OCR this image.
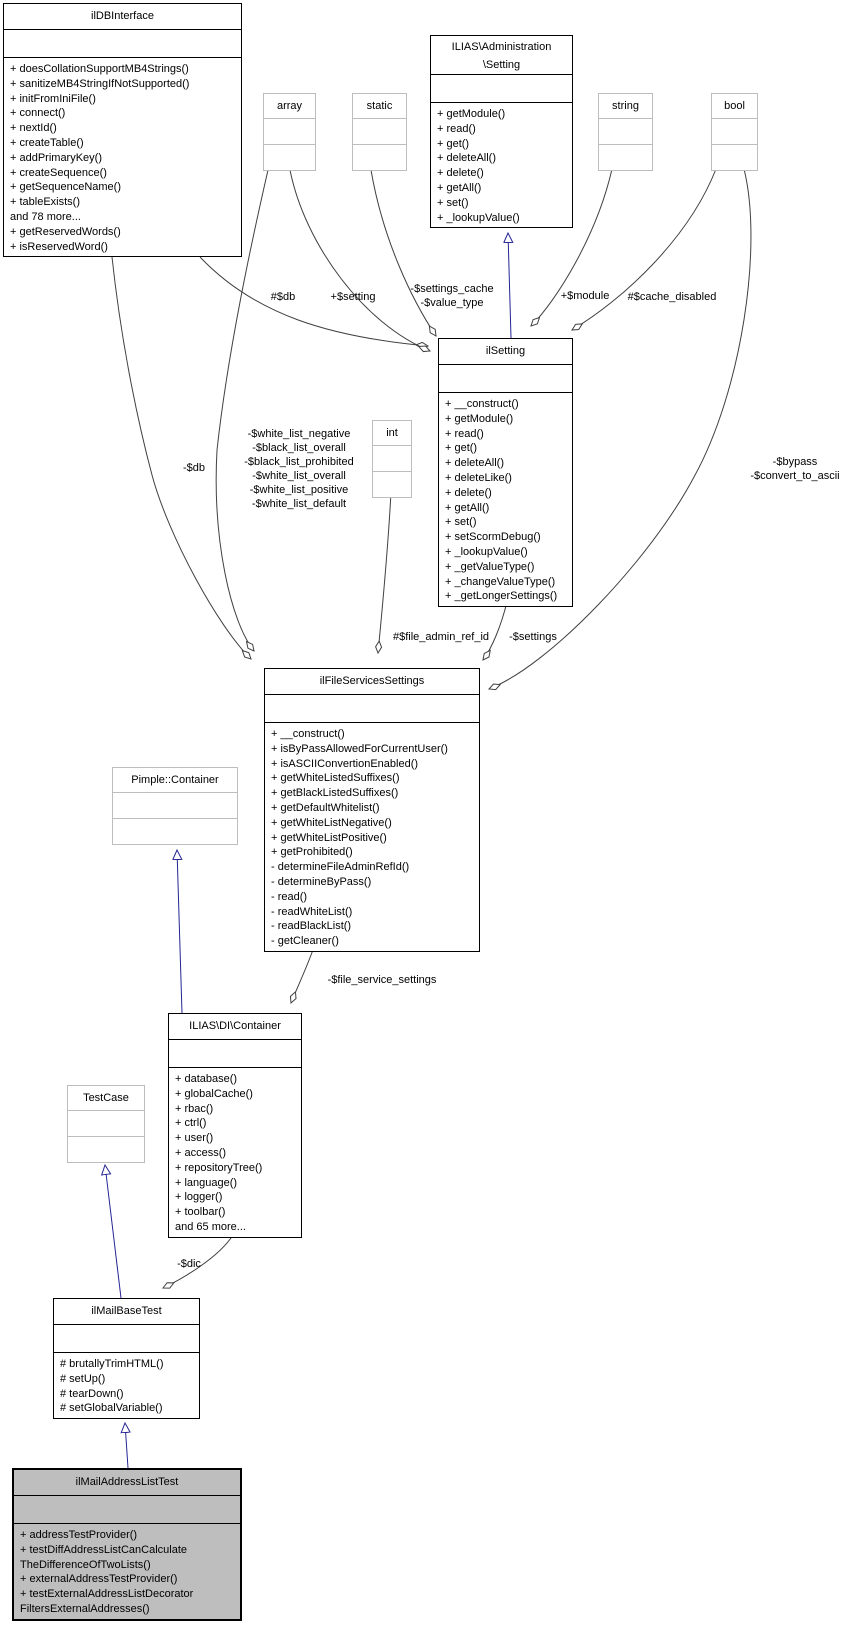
ilDBInterface
+ doesCollationSupportMB4Strings()
+ sanitizeMB4StringIfNotSupported()
+ initFromIniFile()
+ connect()
+ nextId()
+ createTable()
+ addPrimaryKey()
+ createSequence()
+ getSequenceName()
+ tableExists()
and 78 more...
+ getReservedWords()
+ isReservedWord()
array	static
ILIAS\Administration
\Setting
+ getModule()
+ read()
+ get()
+ deleteAll()
+ delete()
+ getAll()
+ set()
+ _lookupValue()
string	bool
ilSetting
+ __construct()
+ getModule()
+ read()
+ get()
+ deleteAll()
+ deleteLike()
+ delete()
+ getAll()
+ set()
+ setScormDebug()
+ _lookupValue()
+ _getValueType()
+ _changeValueType()
+ _getLongerSettings()
int
ilFileServicesSettings
+ __construct()
+ isByPassAllowedForCurrentUser()
+ isASCIIConvertionEnabled()
+ getWhiteListedSuffixes()
+ getBlackListedSuffixes()
+ getDefaultWhitelist()
+ getWhiteListNegative()
+ getWhiteListPositive()
+ getProhibited()
- determineFileAdminRefId()
- determineByPass()
- read()
- readWhiteList()
- readBlackList()
- getCleaner()
Pimple::Container
ILIAS\DI\Container
+ database()
+ globalCache()
+ rbac()
+ ctrl()
+ user()
+ access()
+ repositoryTree()
+ language()
+ logger()
+ toolbar()
and 65 more...
TestCase
ilMailBaseTest
# brutallyTrimHTML()
# setUp()
# tearDown()
# setGlobalVariable()
ilMailAddressListTest
+ addressTestProvider()
+ testDiffAddressListCanCalculate
TheDifferenceOfTwoLists()
+ externalAddressTestProvider()
+ testExternalAddressListDecorator
FiltersExternalAddresses()
#$db	+$setting
-$settings_cache
-$value_type
+$module #$cache_disabled
-$db
-$white_list_negative
-$black_list_overall
-$black_list_prohibited
-$white_list_overall
-$white_list_positive
-$white_list_default
-$bypass
-$convert_to_ascii
#$file_admin_ref_id -$settings
-$file_service_settings
-$dic
